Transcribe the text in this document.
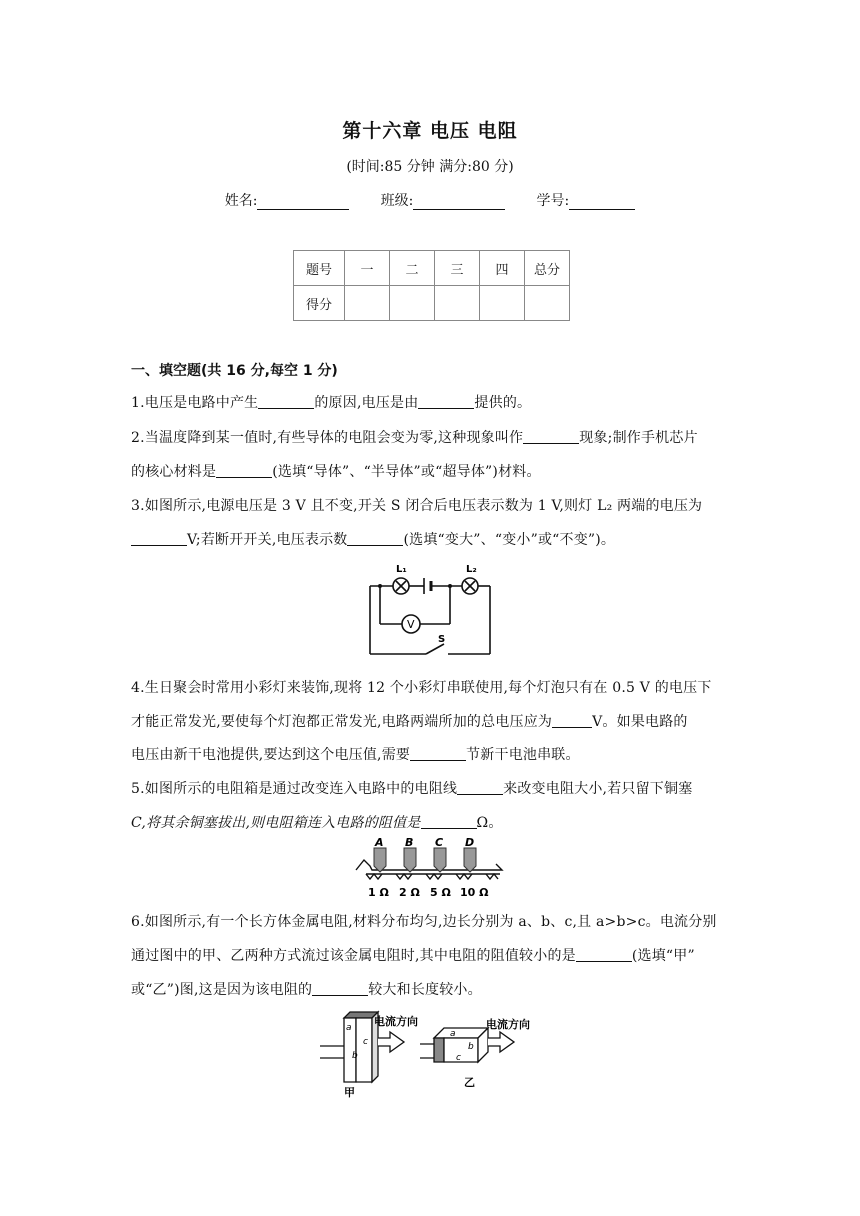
第十六章 电压 电阻
(时间:85 分钟 满分:80 分)
姓名:	班级:	学号:
题号	一	二	三	四	总分
得分					
一、填空题(共 16 分,每空 1 分)
1.电压是电路中产生	的原因,电压是由	提供的。
2.当温度降到某一值时,有些导体的电阻会变为零,这种现象叫作	现象;制作手机芯片
的核心材料是	(选填“导体”、“半导体”或“超导体”)材料。
3.如图所示,电源电压是 3 V 且不变,开关 S 闭合后电压表示数为 1 V,则灯 L₂ 两端的电压为
V;若断开开关,电压表示数	(选填“变大”、“变小”或“不变”)。
L₁	L₂
V
S
4.生日聚会时常用小彩灯来装饰,现将 12 个小彩灯串联使用,每个灯泡只有在 0.5 V 的电压下
才能正常发光,要使每个灯泡都正常发光,电路两端所加的总电压应为	V。如果电路的
电压由新干电池提供,要达到这个电压值,需要	节新干电池串联。
5.如图所示的电阻箱是通过改变连入电路中的电阻线	来改变电阻大小,若只留下铜塞
C,将其余铜塞拔出,则电阻箱连入电路的阻值是	Ω。
A B C D
1 Ω 2 Ω 5 Ω 10 Ω
6.如图所示,有一个长方体金属电阻,材料分布均匀,边长分别为 a、b、c,且 a>b>c。电流分别
通过图中的甲、乙两种方式流过该金属电阻时,其中电阻的阻值较小的是	(选填“甲”
或“乙”)图,这是因为该电阻的	较大和长度较小。
电流方向	电流方向
a
b
c
a
b
c
甲
乙
